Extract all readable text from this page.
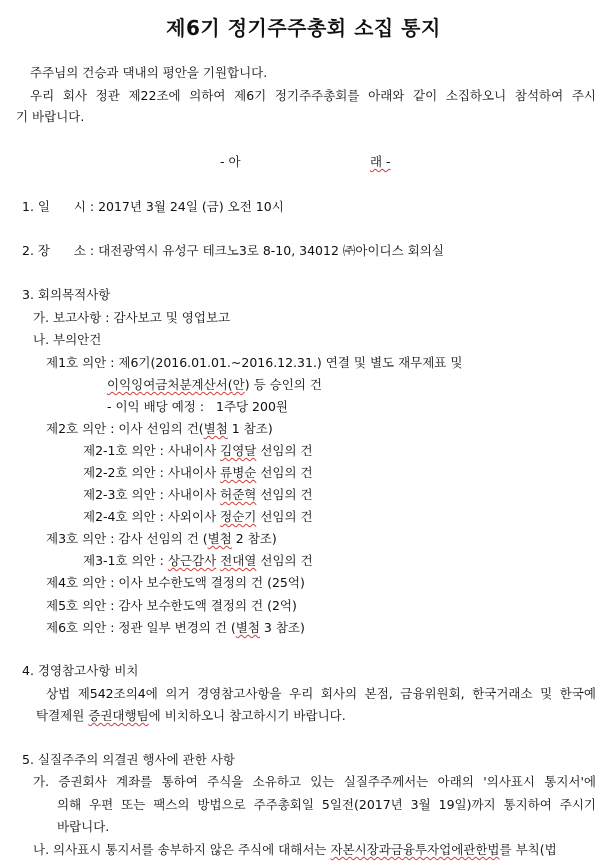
제6기 정기주주총회 소집 통지
주주님의 건승과 댁내의 평안을 기원합니다.
우리 회사 정관 제22조에 의하여 제6기 정기주주총회를 아래와 같이 소집하오니 참석하여 주시
기 바랍니다.
- 아	래 -
1. 일      시 : 2017년 3월 24일 (금) 오전 10시
2. 장      소 : 대전광역시 유성구 테크노3로 8-10, 34012 ㈜아이디스 회의실
3. 회의목적사항
가. 보고사항 : 감사보고 및 영업보고
나. 부의안건
제1호 의안 : 제6기(2016.01.01.~2016.12.31.) 연결 및 별도 재무제표 및
이익잉여금처분계산서(안) 등 승인의 건
- 이익 배당 예정 :   1주당 200원
제2호 의안 : 이사 선임의 건(별첨 1 참조)
제2-1호 의안 : 사내이사 김영달 선임의 건
제2-2호 의안 : 사내이사 류병순 선임의 건
제2-3호 의안 : 사내이사 허준혁 선임의 건
제2-4호 의안 : 사외이사 정순기 선임의 건
제3호 의안 : 감사 선임의 건 (별첨 2 참조)
제3-1호 의안 : 상근감사 전대열 선임의 건
제4호 의안 : 이사 보수한도액 결정의 건 (25억)
제5호 의안 : 감사 보수한도액 결정의 건 (2억)
제6호 의안 : 정관 일부 변경의 건 (별첨 3 참조)
4. 경영참고사항 비치
상법 제542조의4에 의거 경영참고사항을 우리 회사의 본점, 금융위원회, 한국거래소 및 한국예
탁결제원 증권대행팀에 비치하오니 참고하시기 바랍니다.
5. 실질주주의 의결권 행사에 관한 사항
가. 증권회사 계좌를 통하여 주식을 소유하고 있는 실질주주께서는 아래의 '의사표시 통지서'에
의해 우편 또는 팩스의 방법으로 주주총회일 5일전(2017년 3월 19일)까지 통지하여 주시기
바랍니다.
나. 의사표시 통지서를 송부하지 않은 주식에 대해서는 자본시장과금융투자업에관한법를 부칙(법
